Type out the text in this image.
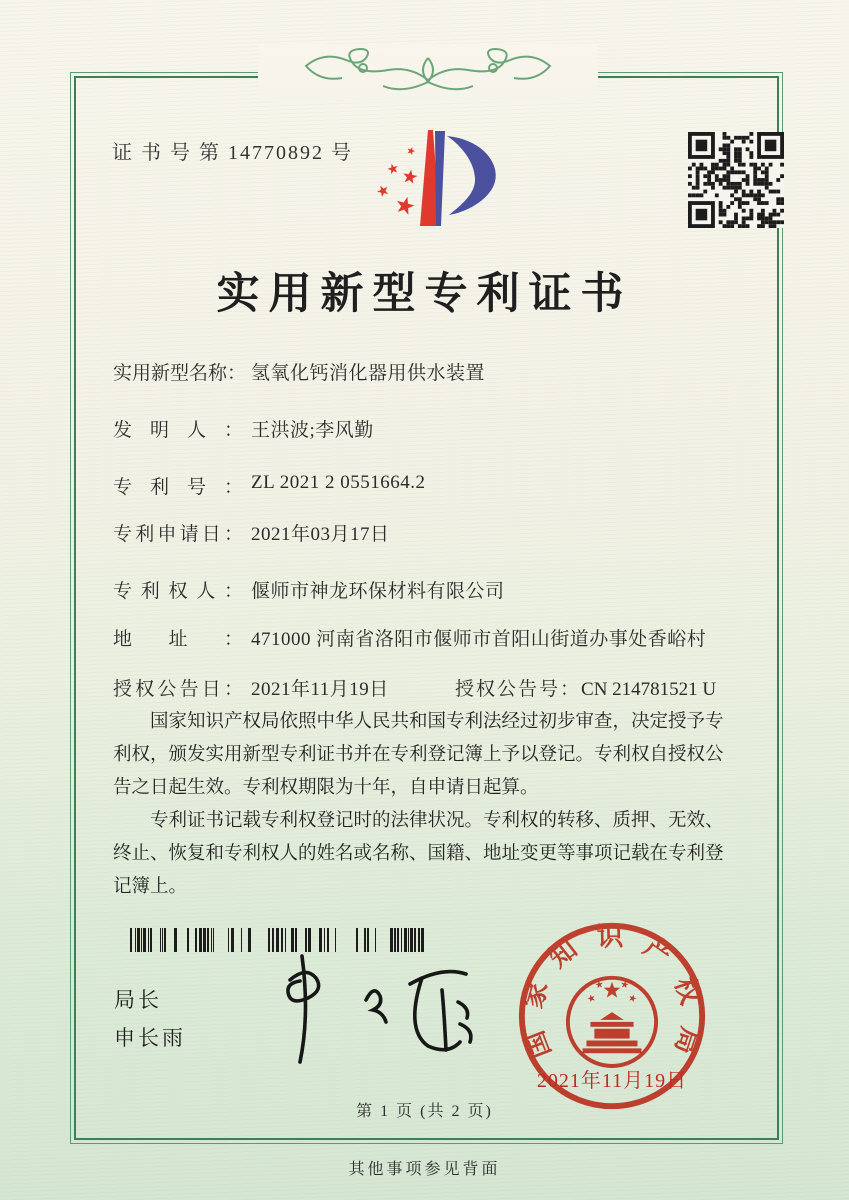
证 书 号 第 14770892 号
实用新型专利证书
实用新型名称： 氢氧化钙消化器用供水装置
发明人： 王洪波;李风勤
专利号： ZL 2021 2 0551664.2
专利申请日： 2021年03月17日
专利权人： 偃师市神龙环保材料有限公司
地址： 471000 河南省洛阳市偃师市首阳山街道办事处香峪村
授权公告日： 2021年11月19日	授权公告号：CN 214781521 U

国家知识产权局依照中华人民共和国专利法经过初步审查，决定授予专利权，颁发实用新型专利证书并在专利登记簿上予以登记。专利权自授权公告之日起生效。专利权期限为十年，自申请日起算。

专利证书记载专利权登记时的法律状况。专利权的转移、质押、无效、终止、恢复和专利权人的姓名或名称、国籍、地址变更等事项记载在专利登记簿上。

局长
申长雨	国家知识产权局
2021年11月19日
第 1 页 (共 2 页)
其他事项参见背面
